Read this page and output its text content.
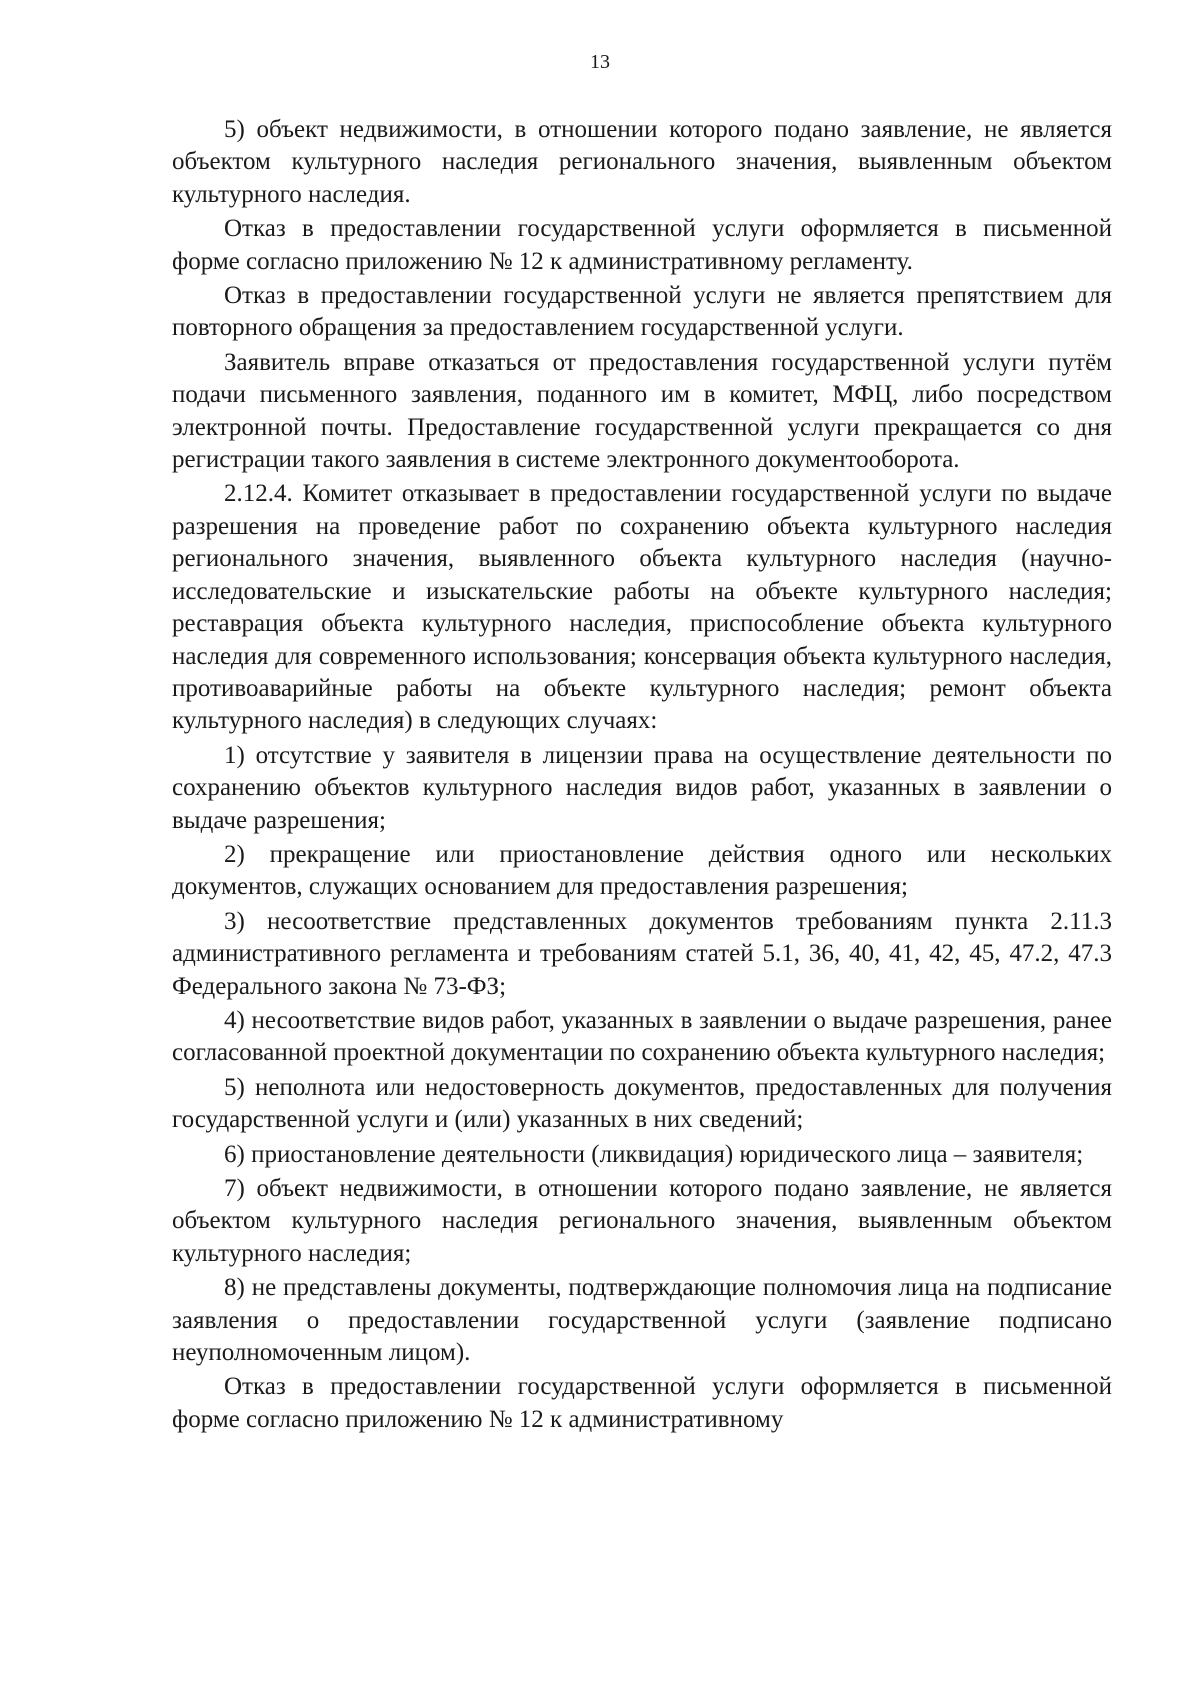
13

5) объект недвижимости, в отношении которого подано заявление, не является объектом культурного наследия регионального значения, выявленным объектом культурного наследия.

Отказ в предоставлении государственной услуги оформляется в письменной форме согласно приложению № 12 к административному регламенту.

Отказ в предоставлении государственной услуги не является препятствием для повторного обращения за предоставлением государственной услуги.

Заявитель вправе отказаться от предоставления государственной услуги путём подачи письменного заявления, поданного им в комитет, МФЦ, либо посредством электронной почты. Предоставление государственной услуги прекращается со дня регистрации такого заявления в системе электронного документооборота.

2.12.4. Комитет отказывает в предоставлении государственной услуги по выдаче разрешения на проведение работ по сохранению объекта культурного наследия регионального значения, выявленного объекта культурного наследия (научно-исследовательские и изыскательские работы на объекте культурного наследия; реставрация объекта культурного наследия, приспособление объекта культурного наследия для современного использования; консервация объекта культурного наследия, противоаварийные работы на объекте культурного наследия; ремонт объекта культурного наследия) в следующих случаях:

1) отсутствие у заявителя в лицензии права на осуществление деятельности по сохранению объектов культурного наследия видов работ, указанных в заявлении о выдаче разрешения;

2) прекращение или приостановление действия одного или нескольких документов, служащих основанием для предоставления разрешения;

3) несоответствие представленных документов требованиям пункта 2.11.3 административного регламента и требованиям статей 5.1, 36, 40, 41, 42, 45, 47.2, 47.3 Федерального закона № 73-ФЗ;

4) несоответствие видов работ, указанных в заявлении о выдаче разрешения, ранее согласованной проектной документации по сохранению объекта культурного наследия;

5) неполнота или недостоверность документов, предоставленных для получения государственной услуги и (или) указанных в них сведений;

6) приостановление деятельности (ликвидация) юридического лица – заявителя;

7) объект недвижимости, в отношении которого подано заявление, не является объектом культурного наследия регионального значения, выявленным объектом культурного наследия;

8) не представлены документы, подтверждающие полномочия лица на подписание заявления о предоставлении государственной услуги (заявление подписано неуполномоченным лицом).

Отказ в предоставлении государственной услуги оформляется в письменной форме согласно приложению № 12 к административному
